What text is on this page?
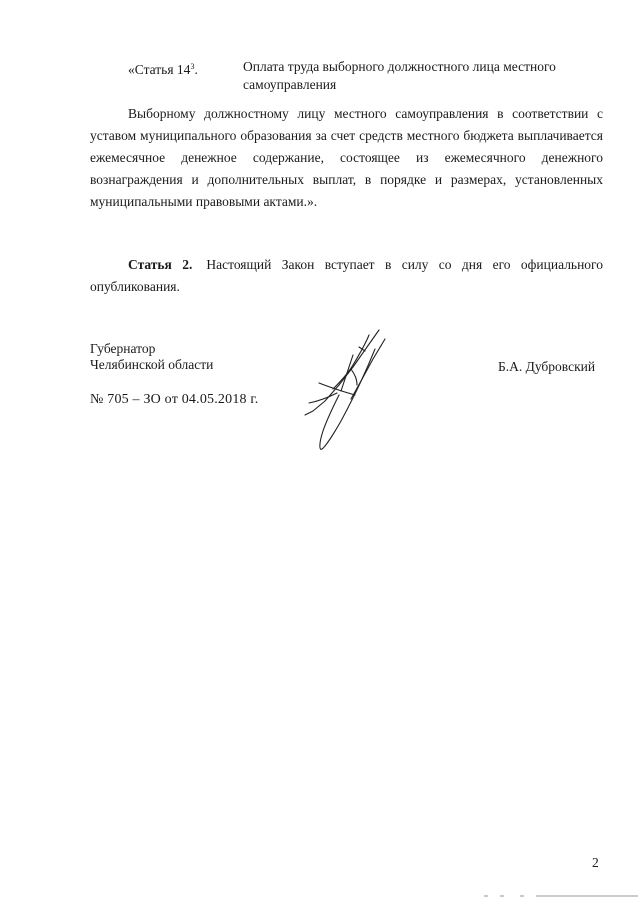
«Статья $14^3$.	Оплата труда выборного должностного лица местного самоуправления
Выборному должностному лицу местного самоуправления в соответствии с уставом муниципального образования за счет средств местного бюджета выплачивается ежемесячное денежное содержание, состоящее из ежемесячного денежного вознаграждения и дополнительных выплат, в порядке и размерах, установленных муниципальными правовыми актами.».
Статья 2. Настоящий Закон вступает в силу со дня его официального опубликования.
Губернатор
Челябинской области	Б.А. Дубровский
№ 705 – ЗО от 04.05.2018 г.
2
